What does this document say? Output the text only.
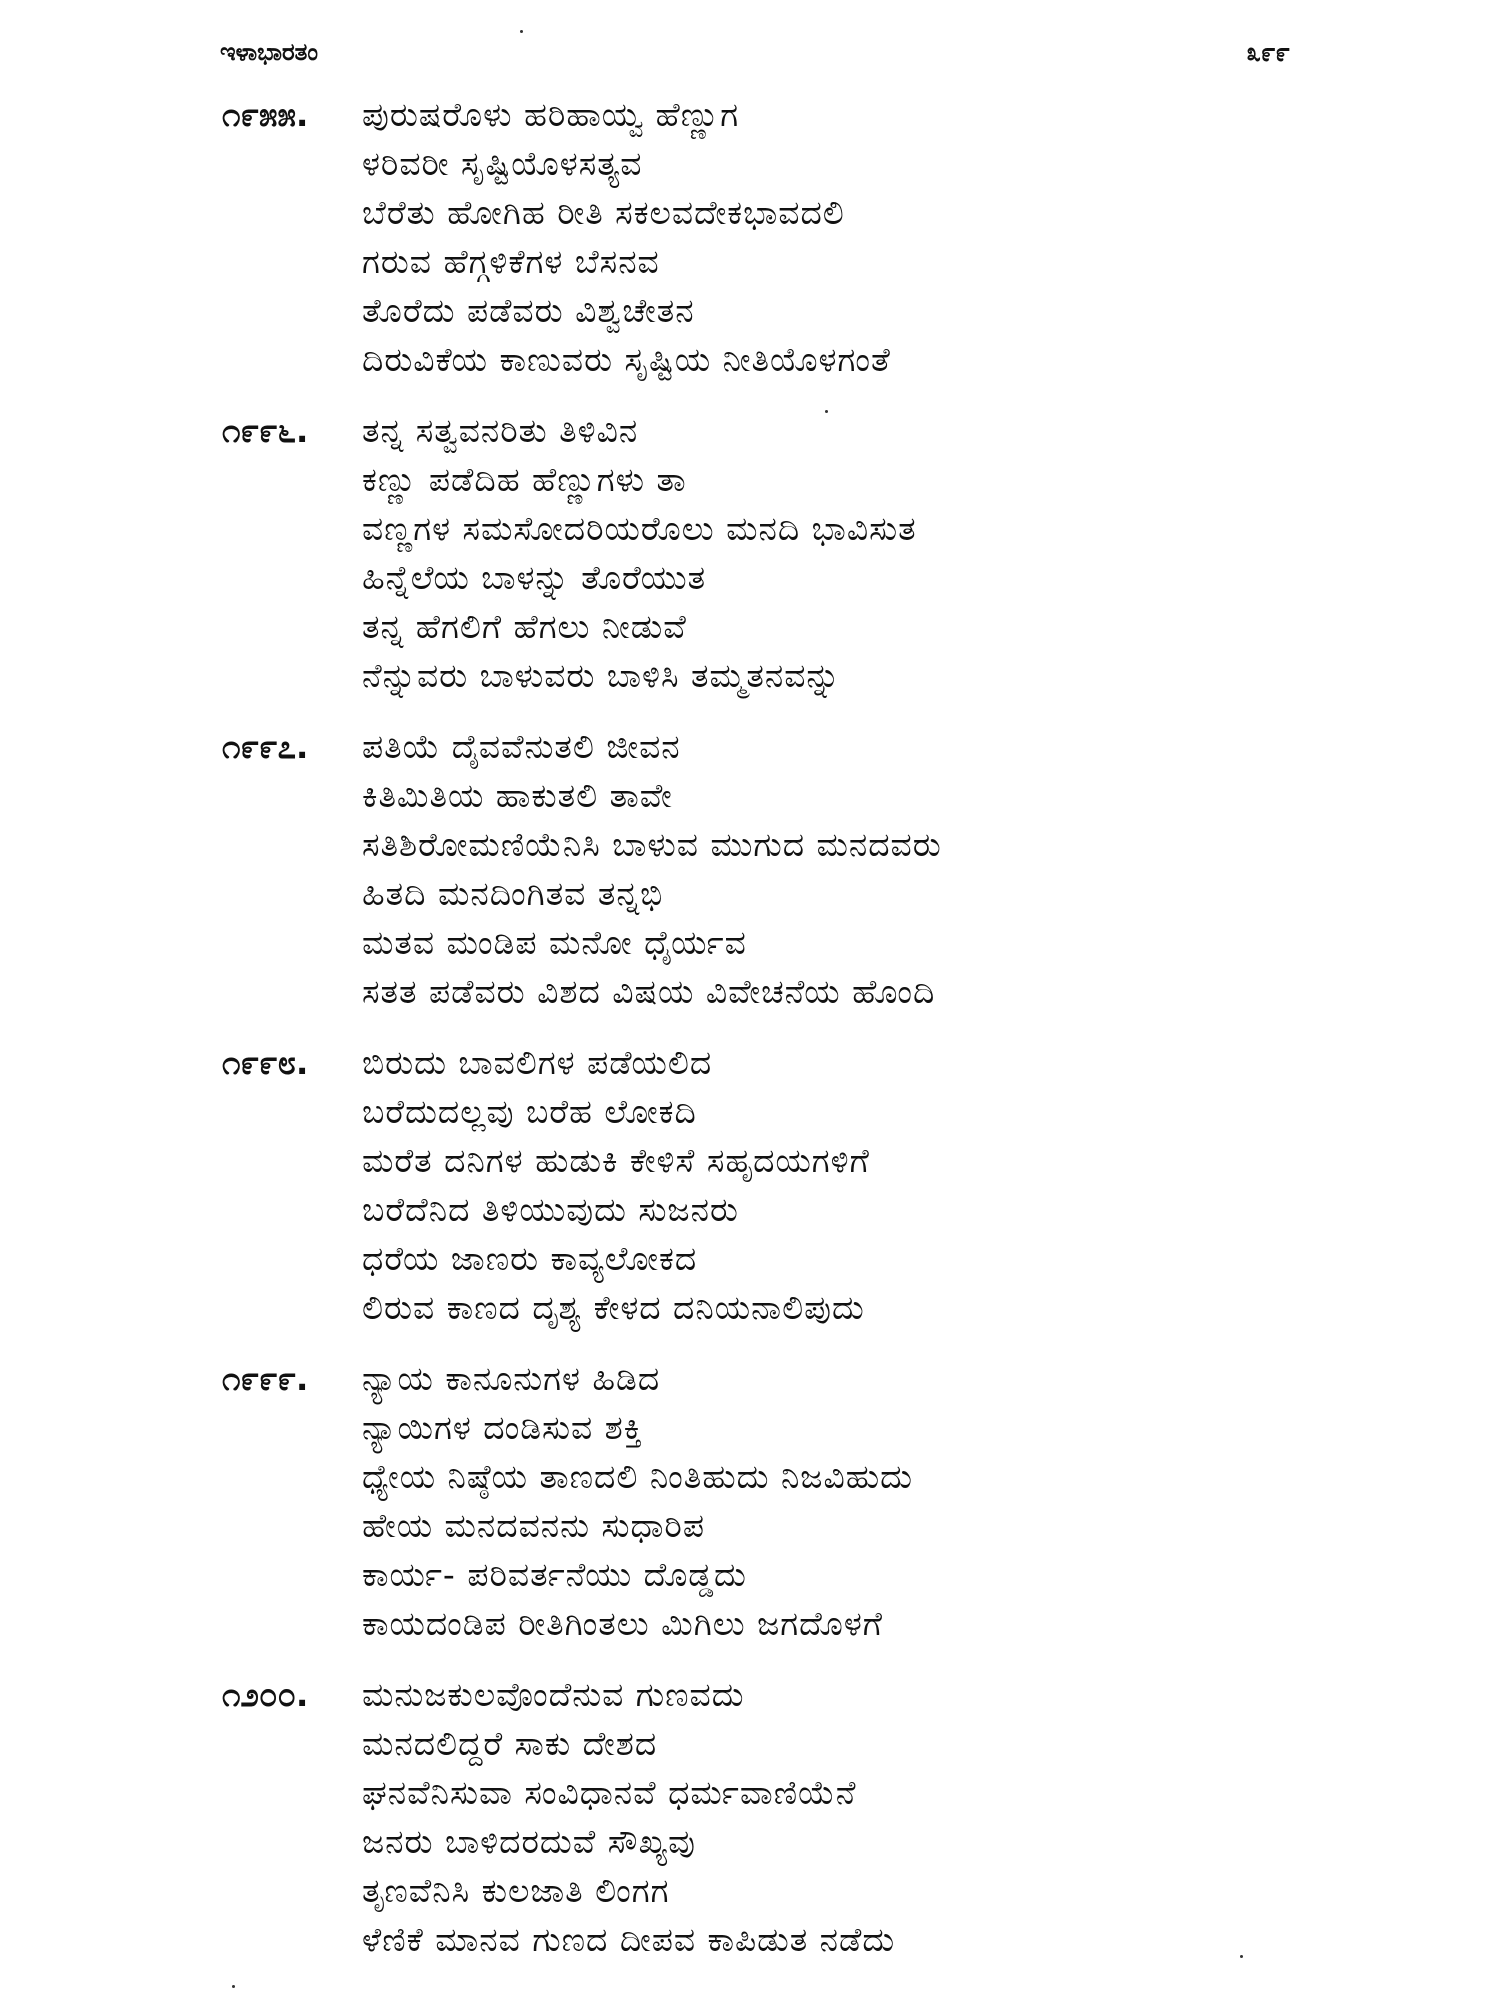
ಇಳಾಭಾರತಂ	೩೯೯
೧೯೫೫.	ಪುರುಷರೊಳು ಹರಿಹಾಯ್ವ ಹೆಣ್ಣುಗ
ಳರಿವರೀ ಸೃಷ್ಟಿಯೊಳಸತ್ಯವ
ಬೆರೆತು ಹೋಗಿಹ ರೀತಿ ಸಕಲವದೇಕಭಾವದಲಿ
ಗರುವ ಹೆಗ್ಗಳಿಕೆಗಳ ಬೆಸನವ
ತೊರೆದು ಪಡೆವರು ವಿಶ್ವಚೇತನ
ದಿರುವಿಕೆಯ ಕಾಣುವರು ಸೃಷ್ಟಿಯ ನೀತಿಯೊಳಗಂತೆ
೧೯೯೬.	ತನ್ನ ಸತ್ವವನರಿತು ತಿಳಿವಿನ
ಕಣ್ಣು ಪಡೆದಿಹ ಹೆಣ್ಣುಗಳು ತಾ
ವಣ್ಣಗಳ ಸಮಸೋದರಿಯರೊಲು ಮನದಿ ಭಾವಿಸುತ
ಹಿನ್ನೆಲೆಯ ಬಾಳನ್ನು ತೊರೆಯುತ
ತನ್ನ ಹೆಗಲಿಗೆ ಹೆಗಲು ನೀಡುವೆ
ನೆನ್ನುವರು ಬಾಳುವರು ಬಾಳಿಸಿ ತಮ್ಮತನವನ್ನು
೧೯೯೭.	ಪತಿಯೆ ದೈವವೆನುತಲಿ ಜೀವನ
ಕಿತಿಮಿತಿಯ ಹಾಕುತಲಿ ತಾವೇ
ಸತಿಶಿರೋಮಣಿಯೆನಿಸಿ ಬಾಳುವ ಮುಗುದ ಮನದವರು
ಹಿತದಿ ಮನದಿಂಗಿತವ ತನ್ನಭಿ
ಮತವ ಮಂಡಿಪ ಮನೋ ಧೈರ್ಯವ
ಸತತ ಪಡೆವರು ವಿಶದ ವಿಷಯ ವಿವೇಚನೆಯ ಹೊಂದಿ
೧೯೯೮.	ಬಿರುದು ಬಾವಲಿಗಳ ಪಡೆಯಲಿದ
ಬರೆದುದಲ್ಲವು ಬರೆಹ ಲೋಕದಿ
ಮರೆತ ದನಿಗಳ ಹುಡುಕಿ ಕೇಳಿಸೆ ಸಹೃದಯಗಳಿಗೆ
ಬರೆದೆನಿದ ತಿಳಿಯುವುದು ಸುಜನರು
ಧರೆಯ ಜಾಣರು ಕಾವ್ಯಲೋಕದ
ಲಿರುವ ಕಾಣದ ದೃಶ್ಯ ಕೇಳದ ದನಿಯನಾಲಿಪುದು
೧೯೯೯.	ನ್ಯಾಯ ಕಾನೂನುಗಳ ಹಿಡಿದ
ನ್ಯಾಯಿಗಳ ದಂಡಿಸುವ ಶಕ್ತಿ
ಧ್ಯೇಯ ನಿಷ್ಠೆಯ ತಾಣದಲಿ ನಿಂತಿಹುದು ನಿಜವಿಹುದು
ಹೇಯ ಮನದವನನು ಸುಧಾರಿಪ
ಕಾರ್ಯ- ಪರಿವರ್ತನೆಯು ದೊಡ್ಡದು
ಕಾಯದಂಡಿಪ ರೀತಿಗಿಂತಲು ಮಿಗಿಲು ಜಗದೊಳಗೆ
೧೨೦೦.	ಮನುಜಕುಲವೊಂದೆನುವ ಗುಣವದು
ಮನದಲಿದ್ದರೆ ಸಾಕು ದೇಶದ
ಘನವೆನಿಸುವಾ ಸಂವಿಧಾನವೆ ಧರ್ಮವಾಣಿಯೆನೆ
ಜನರು ಬಾಳಿದರದುವೆ ಸೌಖ್ಯವು
ತೃಣವೆನಿಸಿ ಕುಲಜಾತಿ ಲಿಂಗಗ
ಳೆಣಿಕೆ ಮಾನವ ಗುಣದ ದೀಪವ ಕಾಪಿಡುತ ನಡೆದು
